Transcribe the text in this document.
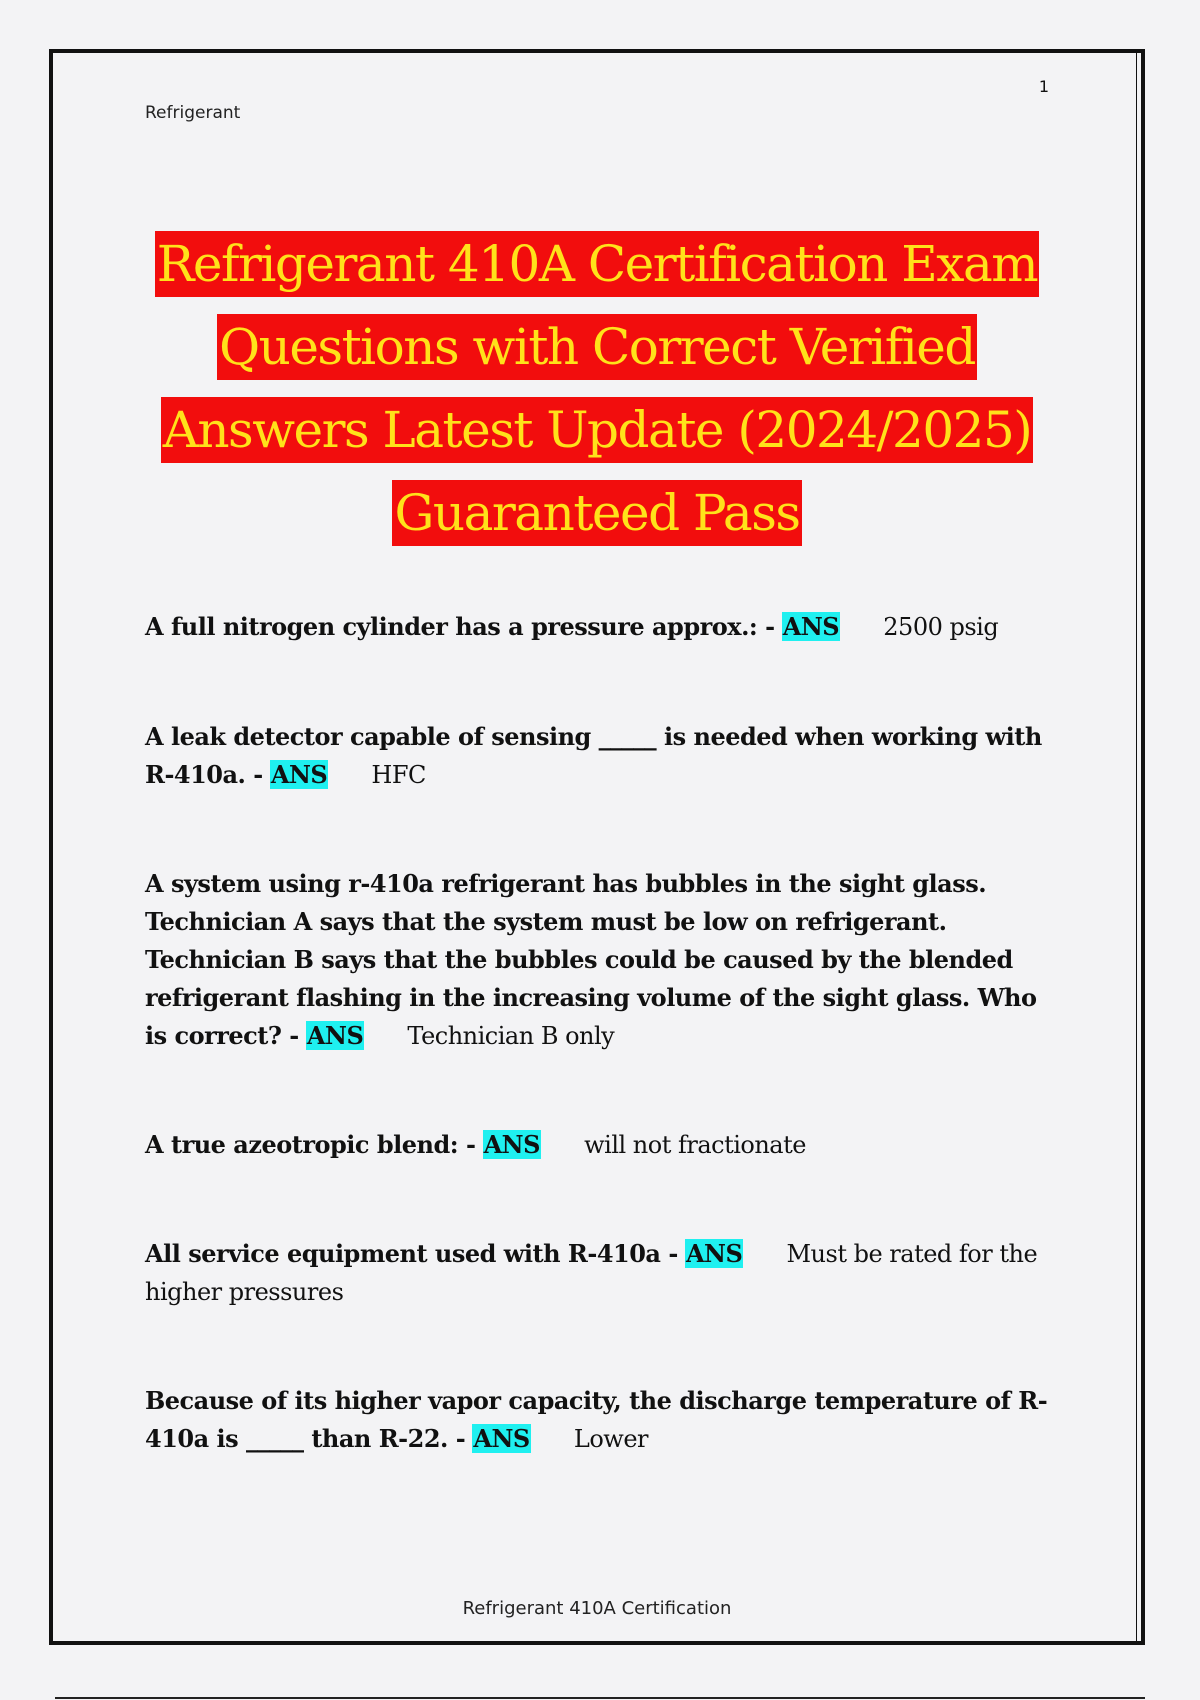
1
Refrigerant
Refrigerant 410A Certification Exam
Questions with Correct Verified
Answers Latest Update (2024/2025)
Guaranteed Pass
A full nitrogen cylinder has a pressure approx.: - ANS 2500 psig
A leak detector capable of sensing _____ is needed when working with R-410a. - ANS HFC
A system using r-410a refrigerant has bubbles in the sight glass. Technician A says that the system must be low on refrigerant. Technician B says that the bubbles could be caused by the blended refrigerant flashing in the increasing volume of the sight glass. Who is correct? - ANS Technician B only
A true azeotropic blend: - ANS will not fractionate
All service equipment used with R-410a - ANS Must be rated for the higher pressures
Because of its higher vapor capacity, the discharge temperature of R-410a is _____ than R-22. - ANS Lower
Refrigerant 410A Certification
